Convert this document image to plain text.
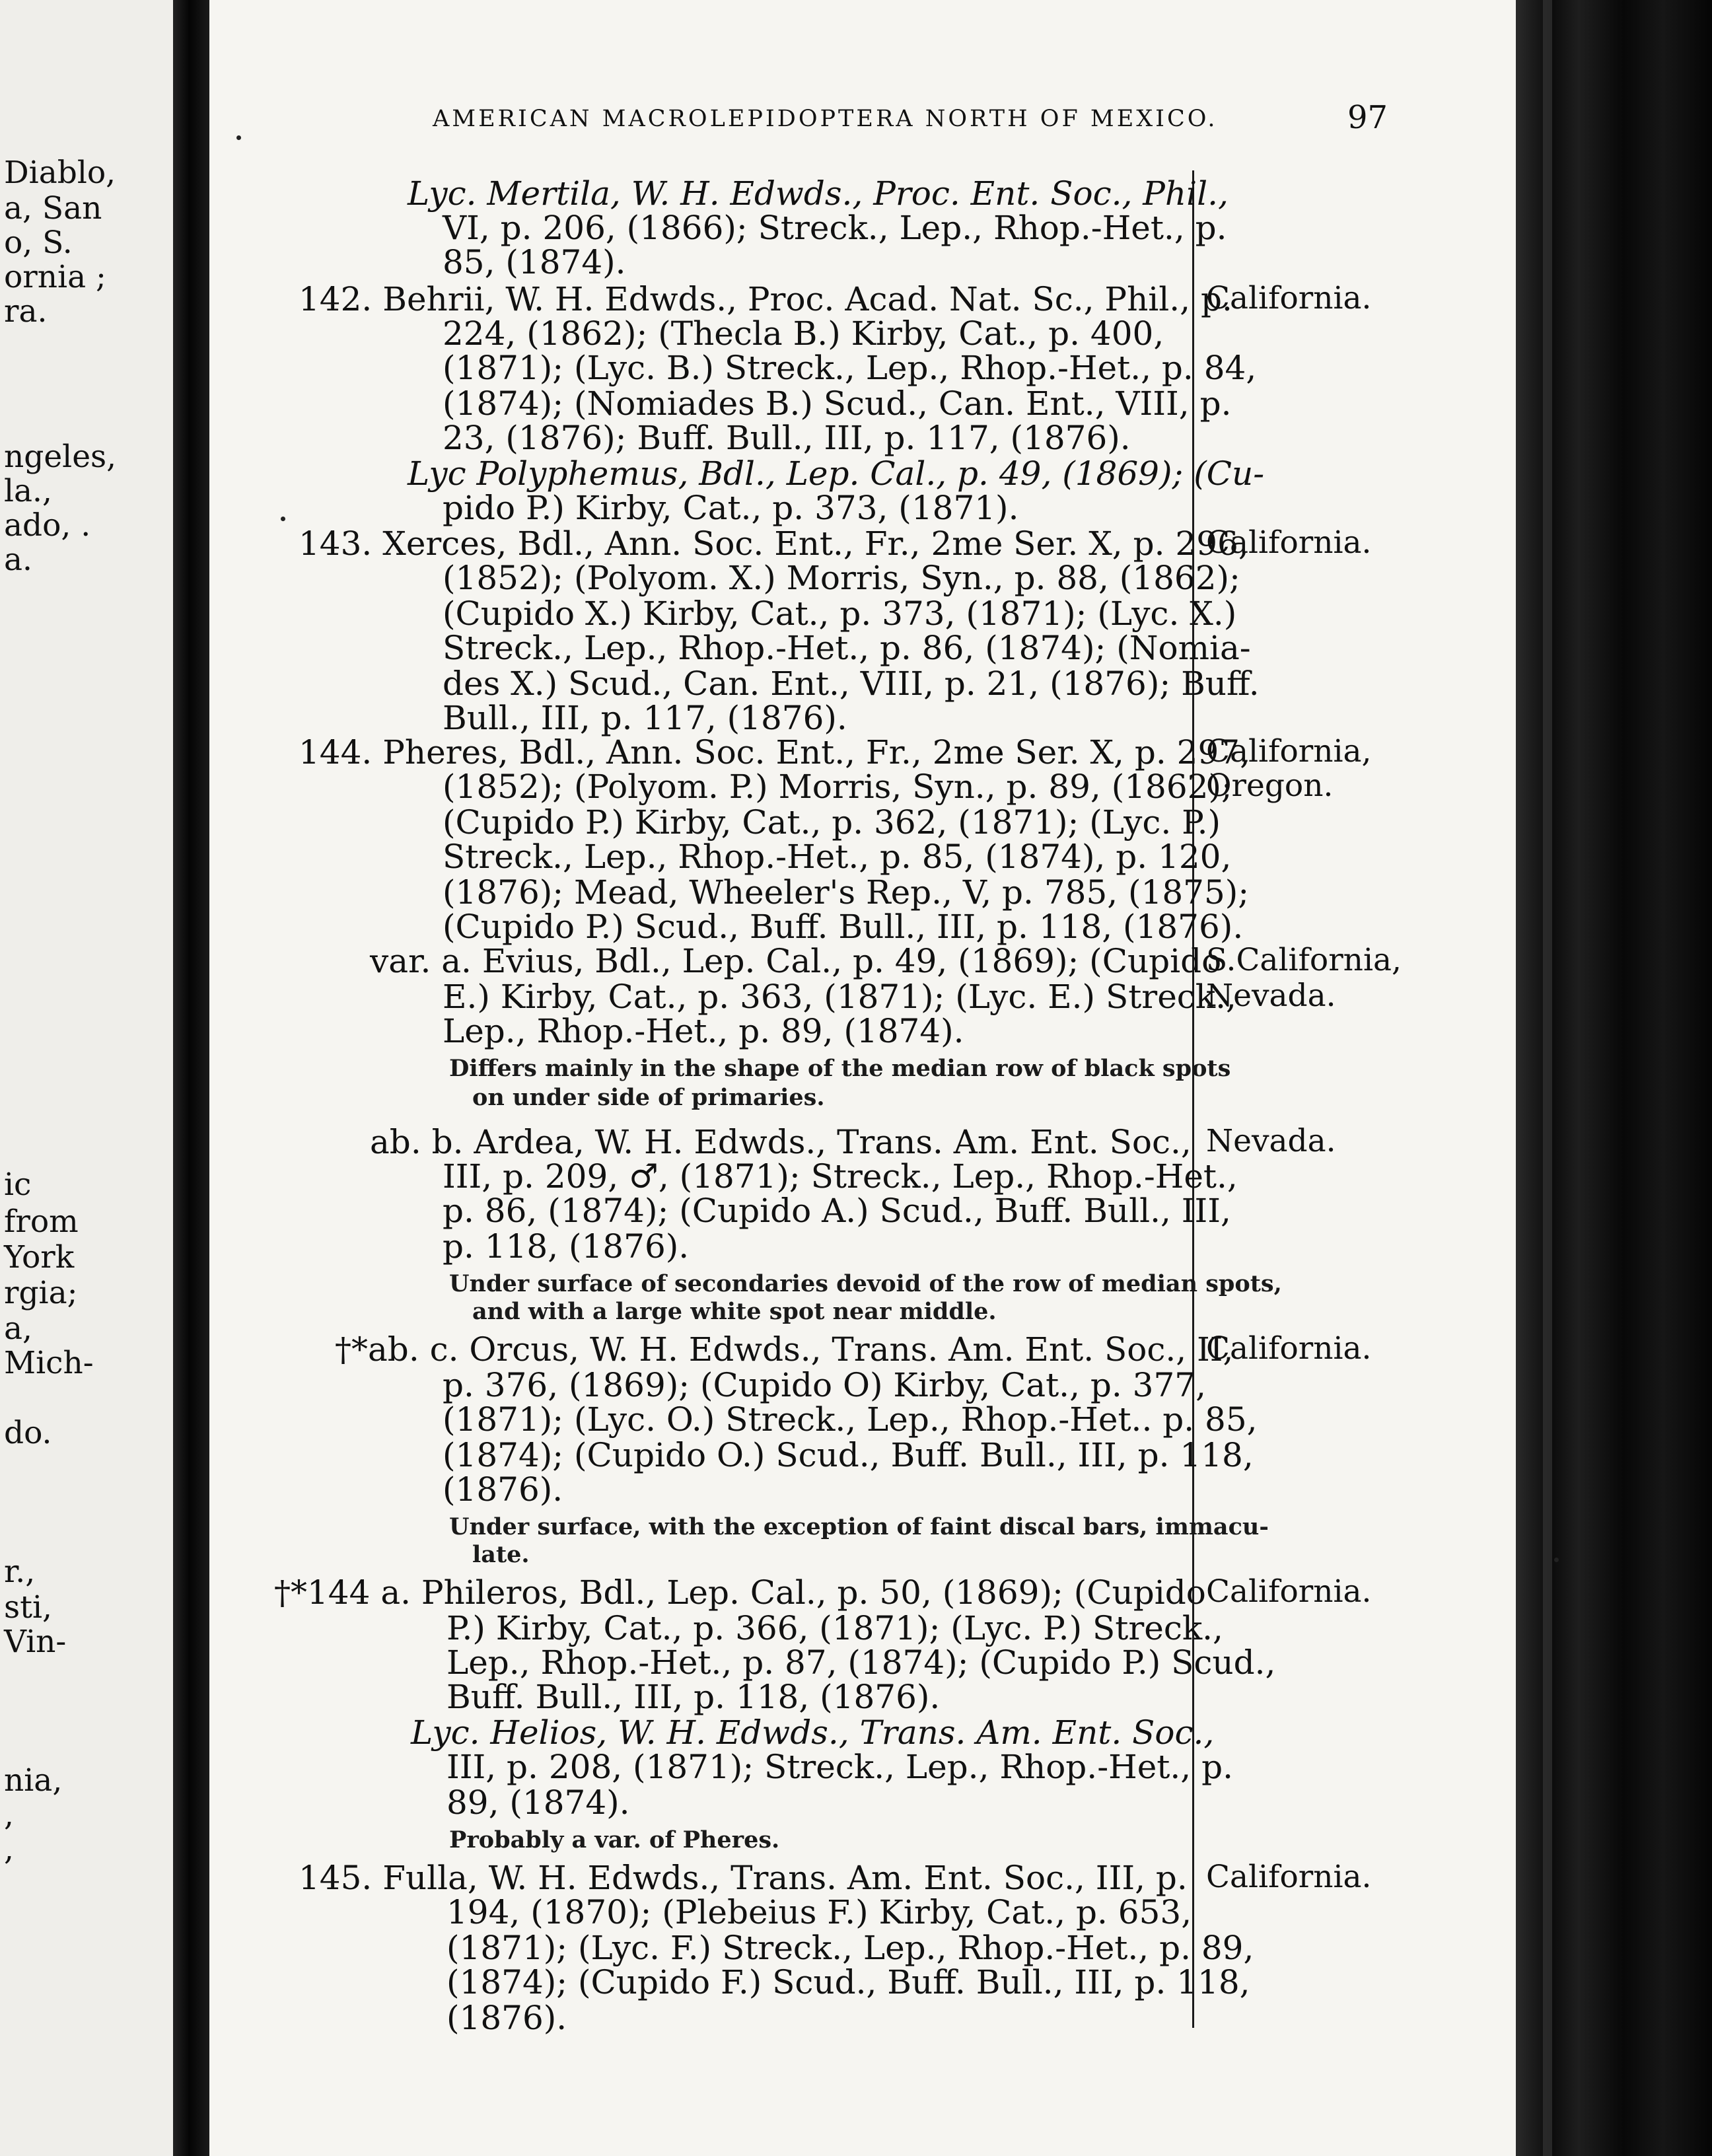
Diablo,
a, San
o, S.
ornia ;
ra.
ngeles,
la.,
ado, .
a.
ic
from
York
rgia;
a,
Mich-
do.
r.,
sti,
Vin-
nia,
,
,
AMERICAN MACROLEPIDOPTERA NORTH OF MEXICO.	97
Lyc. Mertila, W. H. Edwds., Proc. Ent. Soc., Phil.,
VI, p. 206, (1866); Streck., Lep., Rhop.-Het., p.
85, (1874).
142. Behrii, W. H. Edwds., Proc. Acad. Nat. Sc., Phil., p.
224, (1862); (Thecla B.) Kirby, Cat., p. 400,
(1871); (Lyc. B.) Streck., Lep., Rhop.-Het., p. 84,
(1874); (Nomiades B.) Scud., Can. Ent., VIII, p.
23, (1876); Buff. Bull., III, p. 117, (1876).
Lyc Polyphemus, Bdl., Lep. Cal., p. 49, (1869); (Cu-
pido P.) Kirby, Cat., p. 373, (1871).
143. Xerces, Bdl., Ann. Soc. Ent., Fr., 2me Ser. X, p. 296,
(1852); (Polyom. X.) Morris, Syn., p. 88, (1862);
(Cupido X.) Kirby, Cat., p. 373, (1871); (Lyc. X.)
Streck., Lep., Rhop.-Het., p. 86, (1874); (Nomia-
des X.) Scud., Can. Ent., VIII, p. 21, (1876); Buff.
Bull., III, p. 117, (1876).
144. Pheres, Bdl., Ann. Soc. Ent., Fr., 2me Ser. X, p. 297,
(1852); (Polyom. P.) Morris, Syn., p. 89, (1862);
(Cupido P.) Kirby, Cat., p. 362, (1871); (Lyc. P.)
Streck., Lep., Rhop.-Het., p. 85, (1874), p. 120,
(1876); Mead, Wheeler's Rep., V, p. 785, (1875);
(Cupido P.) Scud., Buff. Bull., III, p. 118, (1876).
var. a. Evius, Bdl., Lep. Cal., p. 49, (1869); (Cupido
E.) Kirby, Cat., p. 363, (1871); (Lyc. E.) Streck.,
Lep., Rhop.-Het., p. 89, (1874).
Differs mainly in the shape of the median row of black spots
on under side of primaries.
ab. b. Ardea, W. H. Edwds., Trans. Am. Ent. Soc.,
III, p. 209, ♂, (1871); Streck., Lep., Rhop.-Het.,
p. 86, (1874); (Cupido A.) Scud., Buff. Bull., III,
p. 118, (1876).
Under surface of secondaries devoid of the row of median spots,
and with a large white spot near middle.
†*ab. c. Orcus, W. H. Edwds., Trans. Am. Ent. Soc., II,
p. 376, (1869); (Cupido O) Kirby, Cat., p. 377,
(1871); (Lyc. O.) Streck., Lep., Rhop.-Het.. p. 85,
(1874); (Cupido O.) Scud., Buff. Bull., III, p. 118,
(1876).
Under surface, with the exception of faint discal bars, immacu-
late.
†*144 a. Phileros, Bdl., Lep. Cal., p. 50, (1869); (Cupido
P.) Kirby, Cat., p. 366, (1871); (Lyc. P.) Streck.,
Lep., Rhop.-Het., p. 87, (1874); (Cupido P.) Scud.,
Buff. Bull., III, p. 118, (1876).
Lyc. Helios, W. H. Edwds., Trans. Am. Ent. Soc.,
III, p. 208, (1871); Streck., Lep., Rhop.-Het., p.
89, (1874).
Probably a var. of Pheres.
145. Fulla, W. H. Edwds., Trans. Am. Ent. Soc., III, p.
194, (1870); (Plebeius F.) Kirby, Cat., p. 653,
(1871); (Lyc. F.) Streck., Lep., Rhop.-Het., p. 89,
(1874); (Cupido F.) Scud., Buff. Bull., III, p. 118,
(1876).
California.
California.
California,
Oregon.
S.California,
Nevada.
Nevada.
California.
California.
California.
